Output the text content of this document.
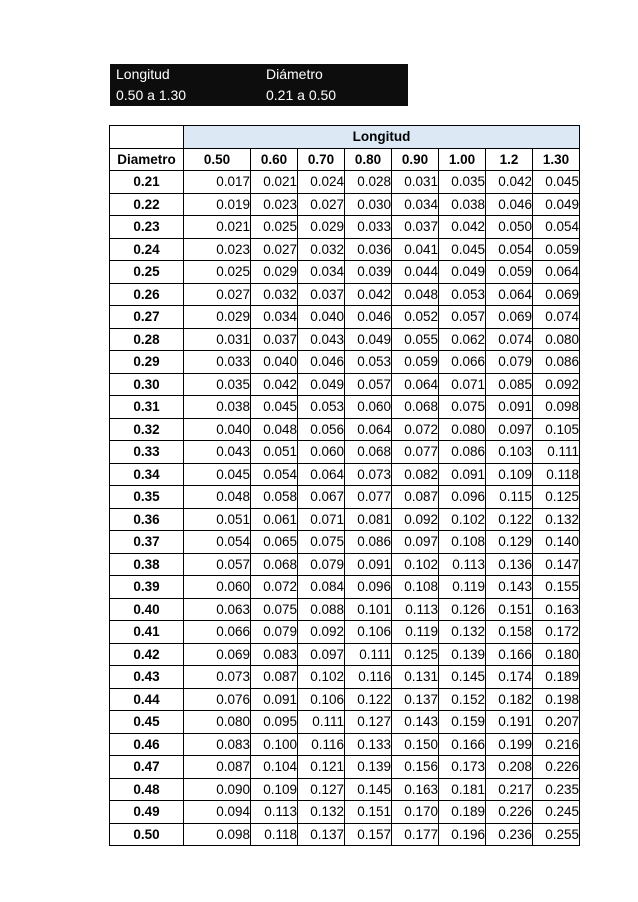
Longitud	Diámetro
0.50 a 1.30	0.21 a 0.50
	Longitud							
Diametro	0.50	0.60	0.70	0.80	0.90	1.00	1.2	1.30
0.21	0.017	0.021	0.024	0.028	0.031	0.035	0.042	0.045
0.22	0.019	0.023	0.027	0.030	0.034	0.038	0.046	0.049
0.23	0.021	0.025	0.029	0.033	0.037	0.042	0.050	0.054
0.24	0.023	0.027	0.032	0.036	0.041	0.045	0.054	0.059
0.25	0.025	0.029	0.034	0.039	0.044	0.049	0.059	0.064
0.26	0.027	0.032	0.037	0.042	0.048	0.053	0.064	0.069
0.27	0.029	0.034	0.040	0.046	0.052	0.057	0.069	0.074
0.28	0.031	0.037	0.043	0.049	0.055	0.062	0.074	0.080
0.29	0.033	0.040	0.046	0.053	0.059	0.066	0.079	0.086
0.30	0.035	0.042	0.049	0.057	0.064	0.071	0.085	0.092
0.31	0.038	0.045	0.053	0.060	0.068	0.075	0.091	0.098
0.32	0.040	0.048	0.056	0.064	0.072	0.080	0.097	0.105
0.33	0.043	0.051	0.060	0.068	0.077	0.086	0.103	0.111
0.34	0.045	0.054	0.064	0.073	0.082	0.091	0.109	0.118
0.35	0.048	0.058	0.067	0.077	0.087	0.096	0.115	0.125
0.36	0.051	0.061	0.071	0.081	0.092	0.102	0.122	0.132
0.37	0.054	0.065	0.075	0.086	0.097	0.108	0.129	0.140
0.38	0.057	0.068	0.079	0.091	0.102	0.113	0.136	0.147
0.39	0.060	0.072	0.084	0.096	0.108	0.119	0.143	0.155
0.40	0.063	0.075	0.088	0.101	0.113	0.126	0.151	0.163
0.41	0.066	0.079	0.092	0.106	0.119	0.132	0.158	0.172
0.42	0.069	0.083	0.097	0.111	0.125	0.139	0.166	0.180
0.43	0.073	0.087	0.102	0.116	0.131	0.145	0.174	0.189
0.44	0.076	0.091	0.106	0.122	0.137	0.152	0.182	0.198
0.45	0.080	0.095	0.111	0.127	0.143	0.159	0.191	0.207
0.46	0.083	0.100	0.116	0.133	0.150	0.166	0.199	0.216
0.47	0.087	0.104	0.121	0.139	0.156	0.173	0.208	0.226
0.48	0.090	0.109	0.127	0.145	0.163	0.181	0.217	0.235
0.49	0.094	0.113	0.132	0.151	0.170	0.189	0.226	0.245
0.50	0.098	0.118	0.137	0.157	0.177	0.196	0.236	0.255
